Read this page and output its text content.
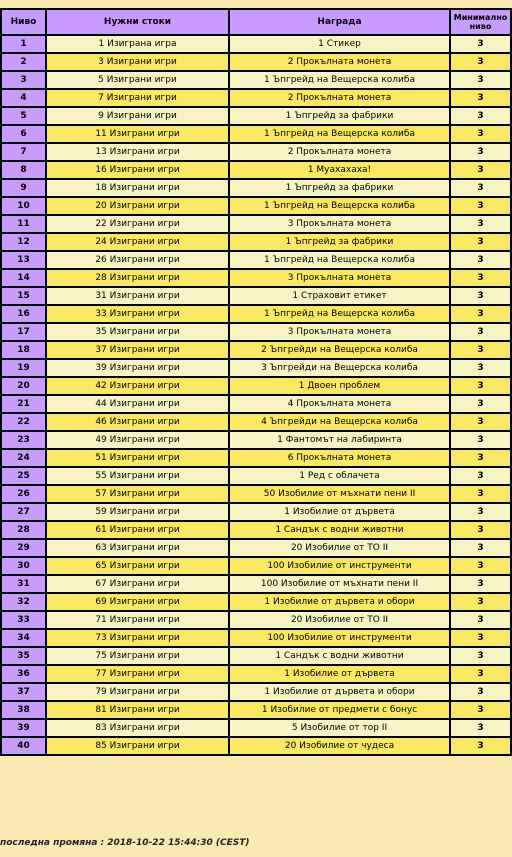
Ниво	Нужни стоки	Награда	Минимално ниво
1	1 Изиграна игра	1 Стикер	3
2	3 Изиграни игри	2 Прокълната монета	3
3	5 Изиграни игри	1 Ъпгрейд на Вещерска колиба	3
4	7 Изиграни игри	2 Прокълната монета	3
5	9 Изиграни игри	1 Ъпгрейд за фабрики	3
6	11 Изиграни игри	1 Ъпгрейд на Вещерска колиба	3
7	13 Изиграни игри	2 Прокълната монета	3
8	16 Изиграни игри	1 Муахахаха!	3
9	18 Изиграни игри	1 Ъпгрейд за фабрики	3
10	20 Изиграни игри	1 Ъпгрейд на Вещерска колиба	3
11	22 Изиграни игри	3 Прокълната монета	3
12	24 Изиграни игри	1 Ъпгрейд за фабрики	3
13	26 Изиграни игри	1 Ъпгрейд на Вещерска колиба	3
14	28 Изиграни игри	3 Прокълната монета	3
15	31 Изиграни игри	1 Страховит етикет	3
16	33 Изиграни игри	1 Ъпгрейд на Вещерска колиба	3
17	35 Изиграни игри	3 Прокълната монета	3
18	37 Изиграни игри	2 Ъпгрейди на Вещерска колиба	3
19	39 Изиграни игри	3 Ъпгрейди на Вещерска колиба	3
20	42 Изиграни игри	1 Двоен проблем	3
21	44 Изиграни игри	4 Прокълната монета	3
22	46 Изиграни игри	4 Ъпгрейди на Вещерска колиба	3
23	49 Изиграни игри	1 Фантомът на лабиринта	3
24	51 Изиграни игри	6 Прокълната монета	3
25	55 Изиграни игри	1 Ред с облачета	3
26	57 Изиграни игри	50 Изобилие от мъхнати пени II	3
27	59 Изиграни игри	1 Изобилие от дървета	3
28	61 Изиграни игри	1 Сандък с водни животни	3
29	63 Изиграни игри	20 Изобилие от ТО II	3
30	65 Изиграни игри	100 Изобилие от инструменти	3
31	67 Изиграни игри	100 Изобилие от мъхнати пени II	3
32	69 Изиграни игри	1 Изобилие от дървета и обори	3
33	71 Изиграни игри	20 Изобилие от ТО II	3
34	73 Изиграни игри	100 Изобилие от инструменти	3
35	75 Изиграни игри	1 Сандък с водни животни	3
36	77 Изиграни игри	1 Изобилие от дървета	3
37	79 Изиграни игри	1 Изобилие от дървета и обори	3
38	81 Изиграни игри	1 Изобилие от предмети с бонус	3
39	83 Изиграни игри	5 Изобилие от тор II	3
40	85 Изиграни игри	20 Изобилие от чудеса	3
последна промяна : 2018-10-22 15:44:30 (CEST)
